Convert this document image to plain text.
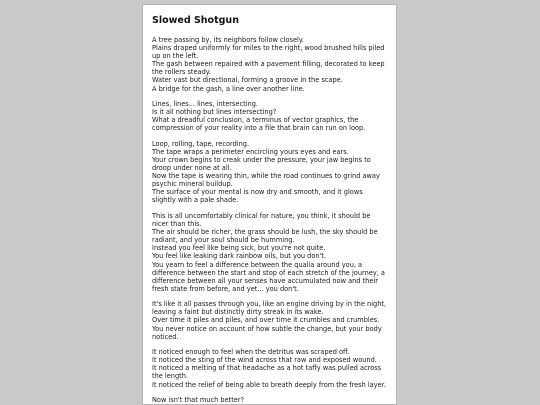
Slowed Shotgun
A tree passing by, its neighbors follow closely.
Plains draped uniformly for miles to the right, wood brushed hills piled up on the left.
The gash between repaired with a pavement filling, decorated to keep the rollers steady.
Water vast but directional, forming a groove in the scape.
A bridge for the gash, a line over another line.
Lines, lines... lines, intersecting.
Is it all nothing but lines intersecting?
What a dreadful conclusion, a terminus of vector graphics, the compression of your reality into a file that brain can run on loop.
Loop, rolling, tape, recording.
The tape wraps a perimeter encircling yours eyes and ears.
Your crown begins to creak under the pressure, your jaw begins to droop under none at all.
Now the tape is wearing thin, while the road continues to grind away psychic mineral buildup.
The surface of your mental is now dry and smooth, and it glows slightly with a pale shade.
This is all uncomfortably clinical for nature, you think, it should be nicer than this.
The air should be richer, the grass should be lush, the sky should be radiant, and your soul should be humming.
Instead you feel like being sick, but you're not quite.
You feel like leaking dark rainbow oils, but you don't.
You yearn to feel a difference between the qualia around you, a difference between the start and stop of each stretch of the journey, a difference between all your senses have accumulated now and their fresh state from before, and yet... you don't.
It's like it all passes through you, like an engine driving by in the night, leaving a faint but distinctly dirty streak in its wake.
Over time it piles and piles, and over time it crumbles and crumbles.
You never notice on account of how subtle the change, but your body noticed.
It noticed enough to feel when the detritus was scraped off.
It noticed the sting of the wind across that raw and exposed wound.
It noticed a melting of that headache as a hot taffy was pulled across the length.
It noticed the relief of being able to breath deeply from the fresh layer.
Now isn't that much better?
